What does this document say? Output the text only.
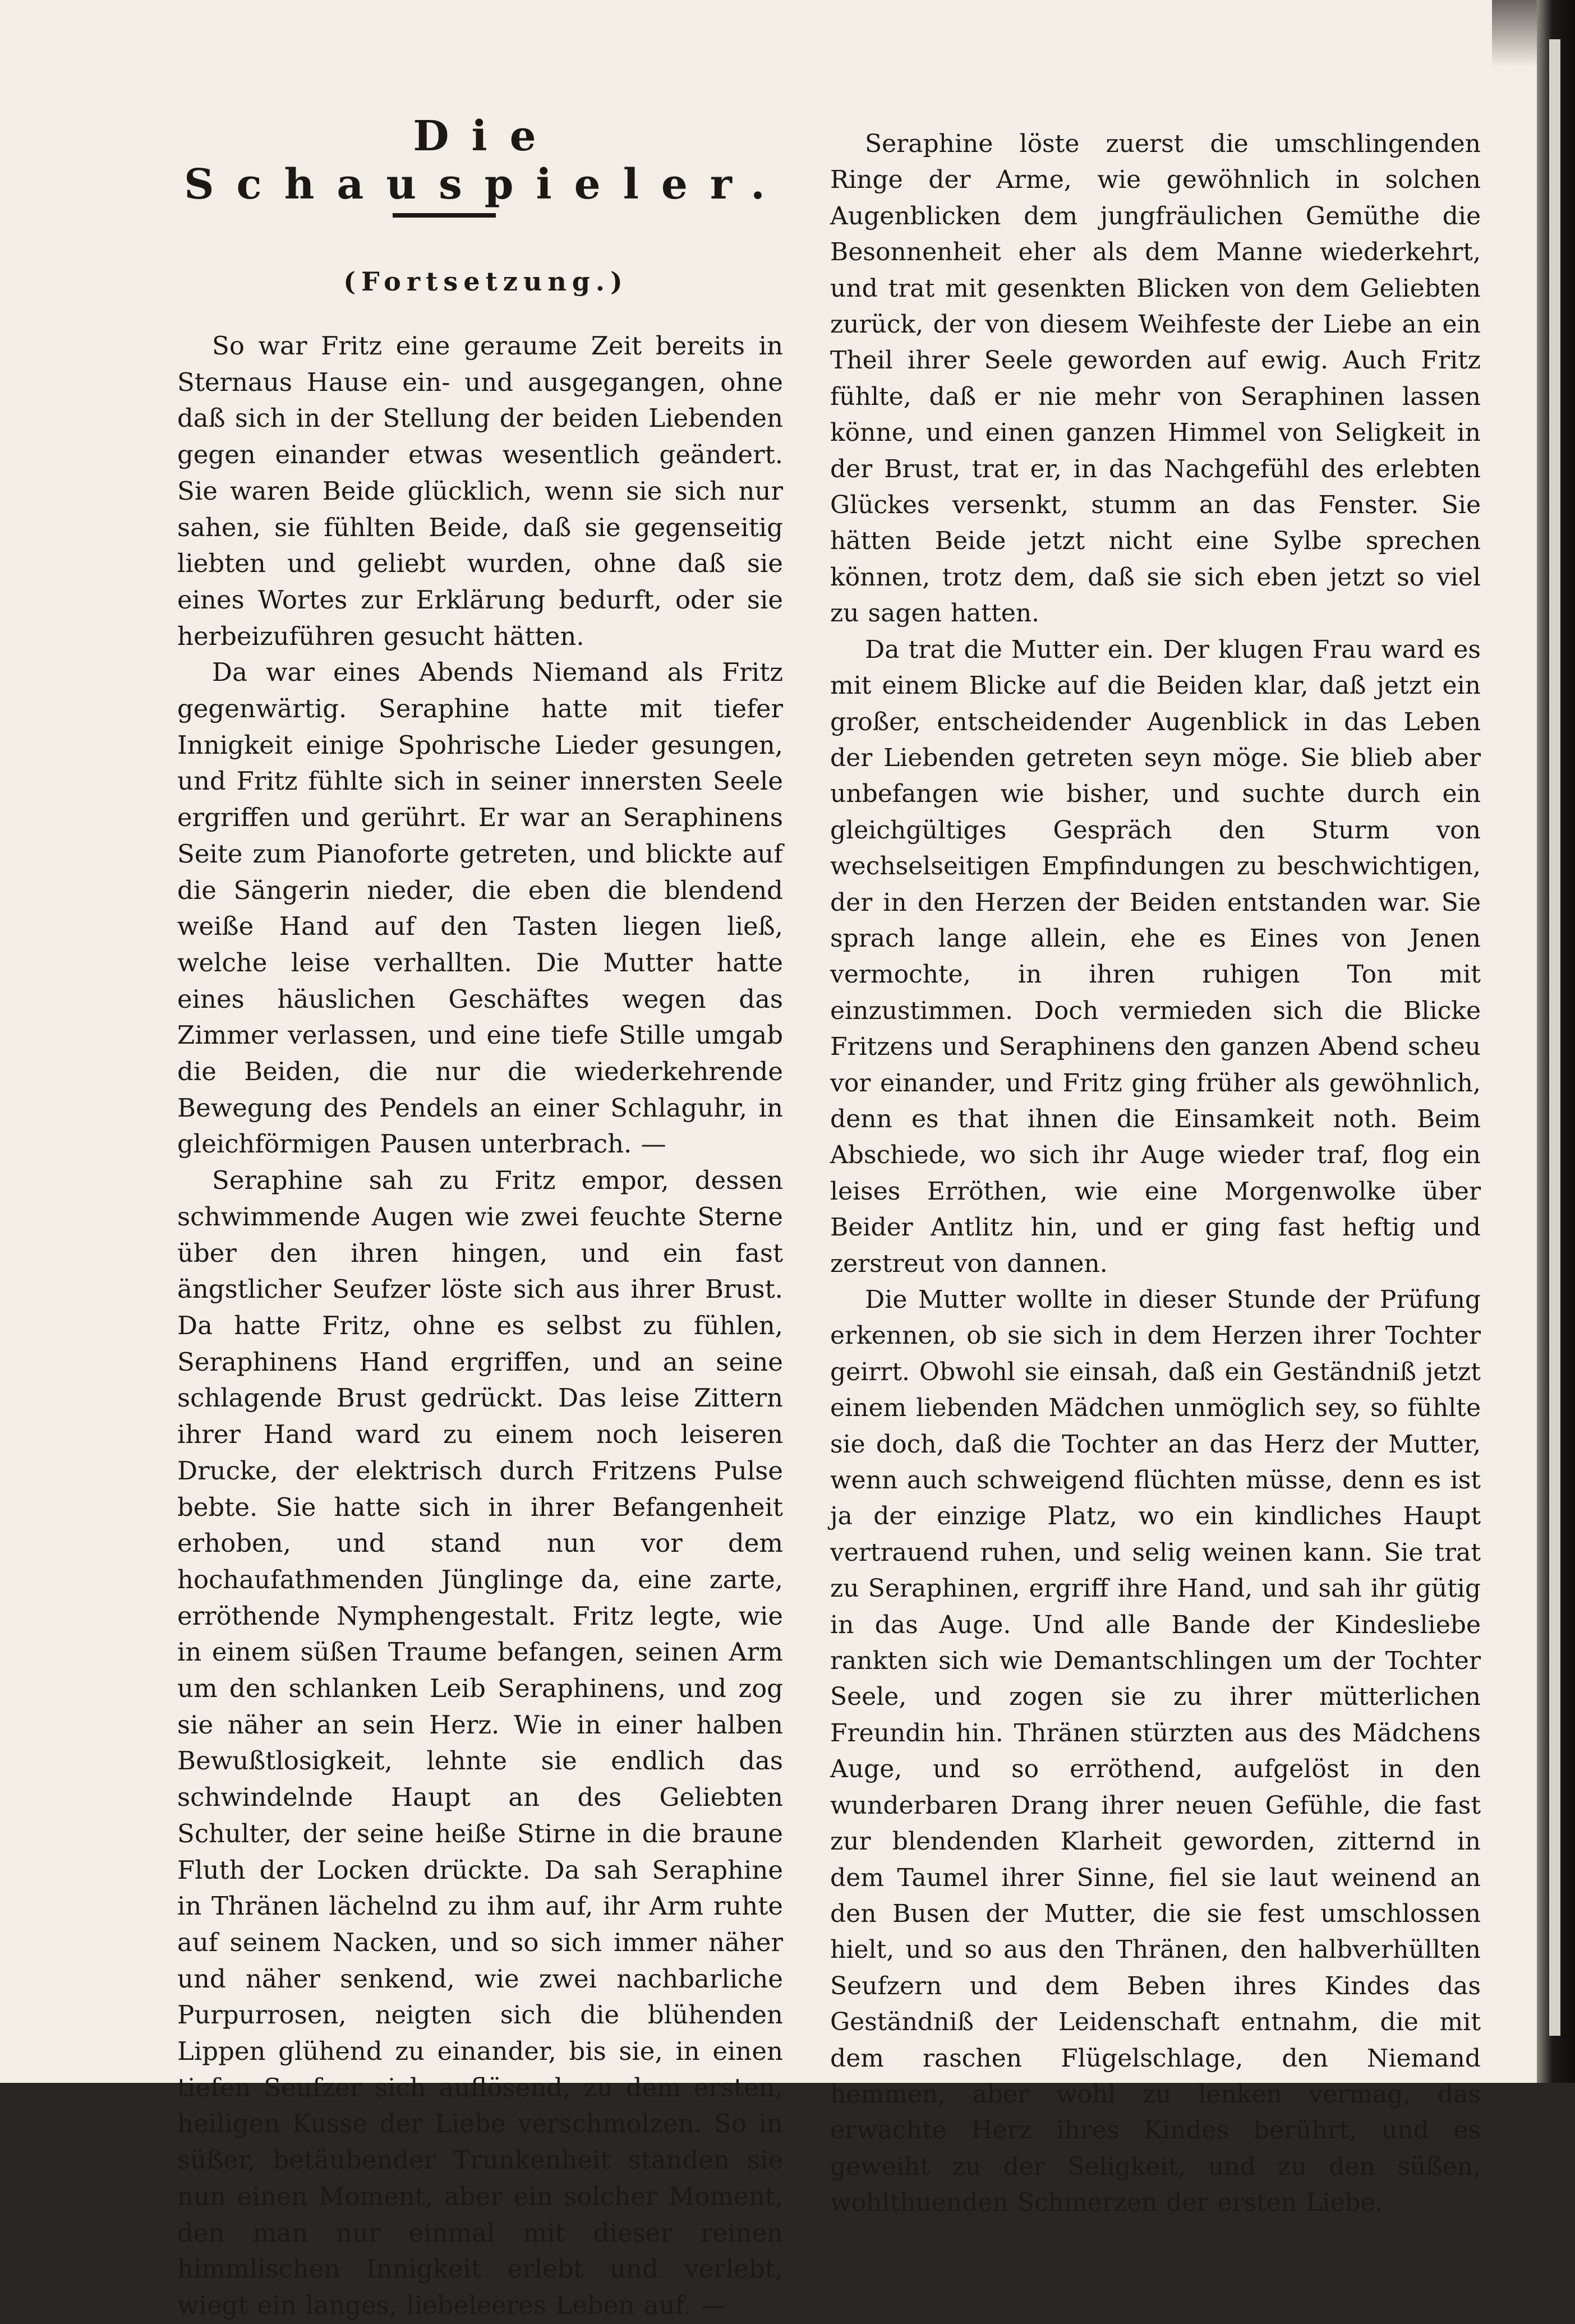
Die Schauspieler.
(Fortsetzung.)

So war Fritz eine geraume Zeit bereits in Sternaus Hause ein- und ausgegangen, ohne daß sich in der Stellung der beiden Liebenden gegen einander etwas wesentlich geändert. Sie waren Beide glücklich, wenn sie sich nur sahen, sie fühlten Beide, daß sie gegenseitig liebten und geliebt wurden, ohne daß sie eines Wortes zur Erklärung bedurft, oder sie herbeizuführen gesucht hätten.

Da war eines Abends Niemand als Fritz gegenwärtig. Seraphine hatte mit tiefer Innigkeit einige Spohrische Lieder gesungen, und Fritz fühlte sich in seiner innersten Seele ergriffen und gerührt. Er war an Seraphinens Seite zum Pianoforte getreten, und blickte auf die Sängerin nieder, die eben die blendend weiße Hand auf den Tasten liegen ließ, welche leise verhallten. Die Mutter hatte eines häuslichen Geschäftes wegen das Zimmer verlassen, und eine tiefe Stille umgab die Beiden, die nur die wiederkehrende Bewegung des Pendels an einer Schlaguhr, in gleichförmigen Pausen unterbrach. —

Seraphine sah zu Fritz empor, dessen schwimmende Augen wie zwei feuchte Sterne über den ihren hingen, und ein fast ängstlicher Seufzer löste sich aus ihrer Brust. Da hatte Fritz, ohne es selbst zu fühlen, Seraphinens Hand ergriffen, und an seine schlagende Brust gedrückt. Das leise Zittern ihrer Hand ward zu einem noch leiseren Drucke, der elektrisch durch Fritzens Pulse bebte. Sie hatte sich in ihrer Befangenheit erhoben, und stand nun vor dem hochaufathmenden Jünglinge da, eine zarte, erröthende Nymphengestalt. Fritz legte, wie in einem süßen Traume befangen, seinen Arm um den schlanken Leib Seraphinens, und zog sie näher an sein Herz. Wie in einer halben Bewußtlosigkeit, lehnte sie endlich das schwindelnde Haupt an des Geliebten Schulter, der seine heiße Stirne in die braune Fluth der Locken drückte. Da sah Seraphine in Thränen lächelnd zu ihm auf, ihr Arm ruhte auf seinem Nacken, und so sich immer näher und näher senkend, wie zwei nachbarliche Purpurrosen, neigten sich die blühenden Lippen glühend zu einander, bis sie, in einen tiefen Seufzer sich auflösend, zu dem ersten, heiligen Kusse der Liebe verschmolzen. So in süßer, betäubender Trunkenheit standen sie nun einen Moment, aber ein solcher Moment, den man nur einmal mit dieser reinen himmlischen Innigkeit erlebt und verlebt, wiegt ein langes, liebeleeres Leben auf. —

Seraphine löste zuerst die umschlingenden Ringe der Arme, wie gewöhnlich in solchen Augenblicken dem jungfräulichen Gemüthe die Besonnenheit eher als dem Manne wiederkehrt, und trat mit gesenkten Blicken von dem Geliebten zurück, der von diesem Weihfeste der Liebe an ein Theil ihrer Seele geworden auf ewig. Auch Fritz fühlte, daß er nie mehr von Seraphinen lassen könne, und einen ganzen Himmel von Seligkeit in der Brust, trat er, in das Nachgefühl des erlebten Glückes versenkt, stumm an das Fenster. Sie hätten Beide jetzt nicht eine Sylbe sprechen können, trotz dem, daß sie sich eben jetzt so viel zu sagen hatten.

Da trat die Mutter ein. Der klugen Frau ward es mit einem Blicke auf die Beiden klar, daß jetzt ein großer, entscheidender Augenblick in das Leben der Liebenden getreten seyn möge. Sie blieb aber unbefangen wie bisher, und suchte durch ein gleichgültiges Gespräch den Sturm von wechselseitigen Empfindungen zu beschwichtigen, der in den Herzen der Beiden entstanden war. Sie sprach lange allein, ehe es Eines von Jenen vermochte, in ihren ruhigen Ton mit einzustimmen. Doch vermieden sich die Blicke Fritzens und Seraphinens den ganzen Abend scheu vor einander, und Fritz ging früher als gewöhnlich, denn es that ihnen die Einsamkeit noth. Beim Abschiede, wo sich ihr Auge wieder traf, flog ein leises Erröthen, wie eine Morgenwolke über Beider Antlitz hin, und er ging fast heftig und zerstreut von dannen.

Die Mutter wollte in dieser Stunde der Prüfung erkennen, ob sie sich in dem Herzen ihrer Tochter geirrt. Obwohl sie einsah, daß ein Geständniß jetzt einem liebenden Mädchen unmöglich sey, so fühlte sie doch, daß die Tochter an das Herz der Mutter, wenn auch schweigend flüchten müsse, denn es ist ja der einzige Platz, wo ein kindliches Haupt vertrauend ruhen, und selig weinen kann. Sie trat zu Seraphinen, ergriff ihre Hand, und sah ihr gütig in das Auge. Und alle Bande der Kindesliebe rankten sich wie Demantschlingen um der Tochter Seele, und zogen sie zu ihrer mütterlichen Freundin hin. Thränen stürzten aus des Mädchens Auge, und so erröthend, aufgelöst in den wunderbaren Drang ihrer neuen Gefühle, die fast zur blendenden Klarheit geworden, zitternd in dem Taumel ihrer Sinne, fiel sie laut weinend an den Busen der Mutter, die sie fest umschlossen hielt, und so aus den Thränen, den halbverhüllten Seufzern und dem Beben ihres Kindes das Geständniß der Leidenschaft entnahm, die mit dem raschen Flügelschlage, den Niemand hemmen, aber wohl zu lenken vermag, das erwachte Herz ihres Kindes berührt, und es geweiht zu der Seligkeit, und zu den süßen, wohlthuenden Schmerzen der ersten Liebe.
